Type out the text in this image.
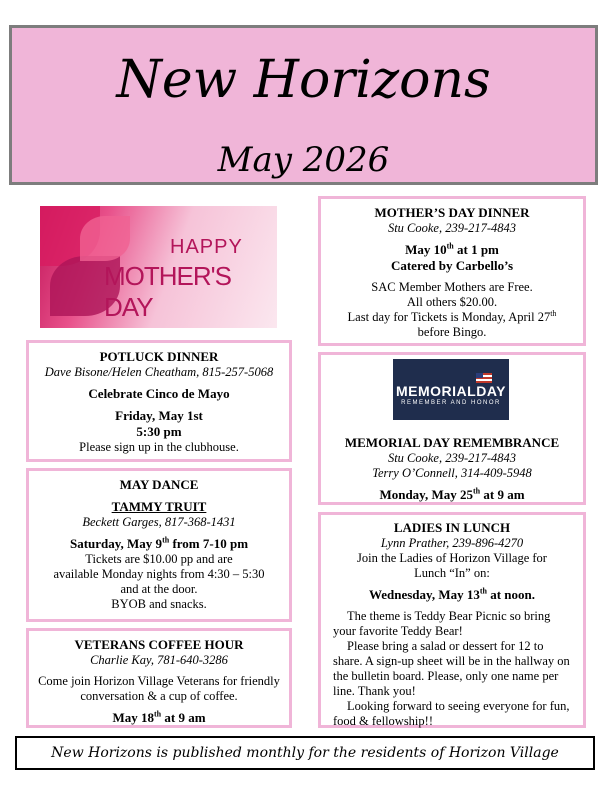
New Horizons
May 2026
HAPPY
MOTHER'S DAY
MOTHER’S DAY DINNER
Stu Cooke, 239-217-4843
May 10th at 1 pm
Catered by Carbello’s
SAC Member Mothers are Free.
All others $20.00.
Last day for Tickets is Monday, April 27th
before Bingo.
POTLUCK DINNER
Dave Bisone/Helen Cheatham, 815-257-5068
Celebrate Cinco de Mayo
Friday, May 1st
5:30 pm
Please sign up in the clubhouse.	MEMORIAL DAY REMEMBRANCE
Stu Cooke, 239-217-4843
Terry O’Connell, 314-409-5948
Monday, May 25th at 9 am
MEMORIALDAY
REMEMBER AND HONOR
MAY DANCE
TAMMY TRUIT
Beckett Garges, 817-368-1431
Saturday, May 9th from 7-10 pm
Tickets are $10.00 pp and are
available Monday nights from 4:30 – 5:30
and at the door.
BYOB and snacks.
LADIES IN LUNCH
Lynn Prather, 239-896-4270
Join the Ladies of Horizon Village for
Lunch “In” on:
Wednesday, May 13th at noon.
The theme is Teddy Bear Picnic so bring your favorite Teddy Bear!
Please bring a salad or dessert for 12 to share. A sign-up sheet will be in the hallway on the bulletin board. Please, only one name per line. Thank you!
Looking forward to seeing everyone for fun, food & fellowship!!
VETERANS COFFEE HOUR
Charlie Kay, 781-640-3286
Come join Horizon Village Veterans for friendly
conversation & a cup of coffee.
May 18th at 9 am
New Horizons is published monthly for the residents of Horizon Village
